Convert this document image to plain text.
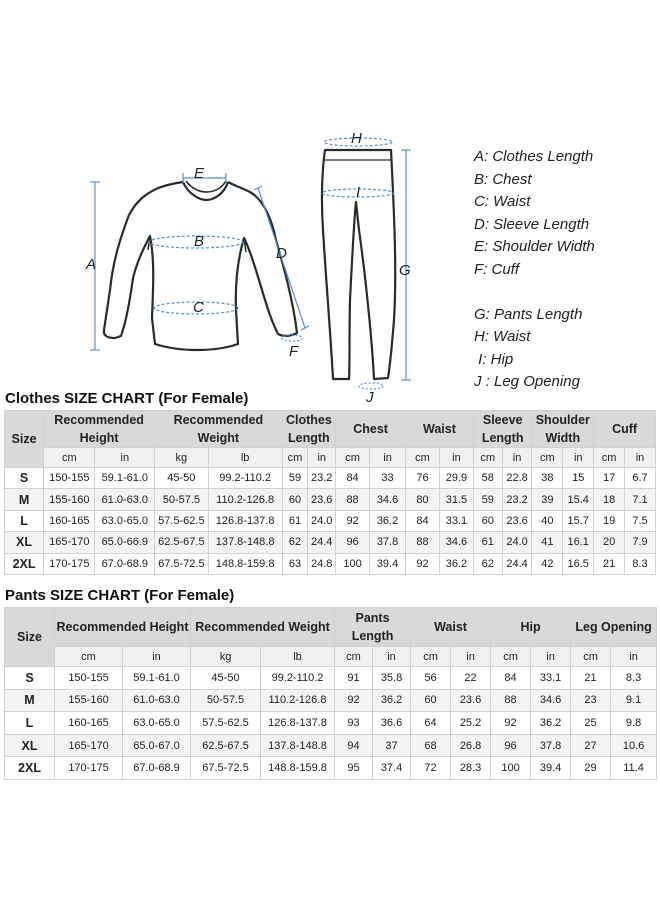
A
E
B
C
D
F
G
H
I
J
A: Clothes Length
B: Chest
C: Waist
D: Sleeve Length
E: Shoulder Width
F: Cuff
G: Pants Length
H: Waist
I: Hip
J : Leg Opening
Clothes SIZE CHART (For Female)
Size	Recommended Height		Recommended Weight		Clothes Length		Chest		Waist		Sleeve Length		Shoulder Width		Cuff	
	cm	in	kg	lb	cm	in	cm	in	cm	in	cm	in	cm	in	cm	in
S	150-155	59.1-61.0	45-50	99.2-110.2	59	23.2	84	33	76	29.9	58	22.8	38	15	17	6.7
M	155-160	61.0-63.0	50-57.5	110.2-126.8	60	23.6	88	34.6	80	31.5	59	23.2	39	15.4	18	7.1
L	160-165	63.0-65.0	57.5-62.5	126.8-137.8	61	24.0	92	36.2	84	33.1	60	23.6	40	15.7	19	7.5
XL	165-170	65.0-66.9	62.5-67.5	137.8-148.8	62	24.4	96	37.8	88	34.6	61	24.0	41	16.1	20	7.9
2XL	170-175	67.0-68.9	67.5-72.5	148.8-159.8	63	24.8	100	39.4	92	36.2	62	24.4	42	16.5	21	8.3
Pants SIZE CHART (For Female)
Size	Recommended Height		Recommended Weight		Pants Length		Waist		Hip		Leg Opening	
	cm	in	kg	lb	cm	in	cm	in	cm	in	cm	in
S	150-155	59.1-61.0	45-50	99.2-110.2	91	35.8	56	22	84	33.1	21	8.3
M	155-160	61.0-63.0	50-57.5	110.2-126.8	92	36.2	60	23.6	88	34.6	23	9.1
L	160-165	63.0-65.0	57.5-62.5	126.8-137.8	93	36.6	64	25.2	92	36.2	25	9.8
XL	165-170	65.0-67.0	62.5-67.5	137.8-148.8	94	37	68	26.8	96	37.8	27	10.6
2XL	170-175	67.0-68.9	67.5-72.5	148.8-159.8	95	37.4	72	28.3	100	39.4	29	11.4
